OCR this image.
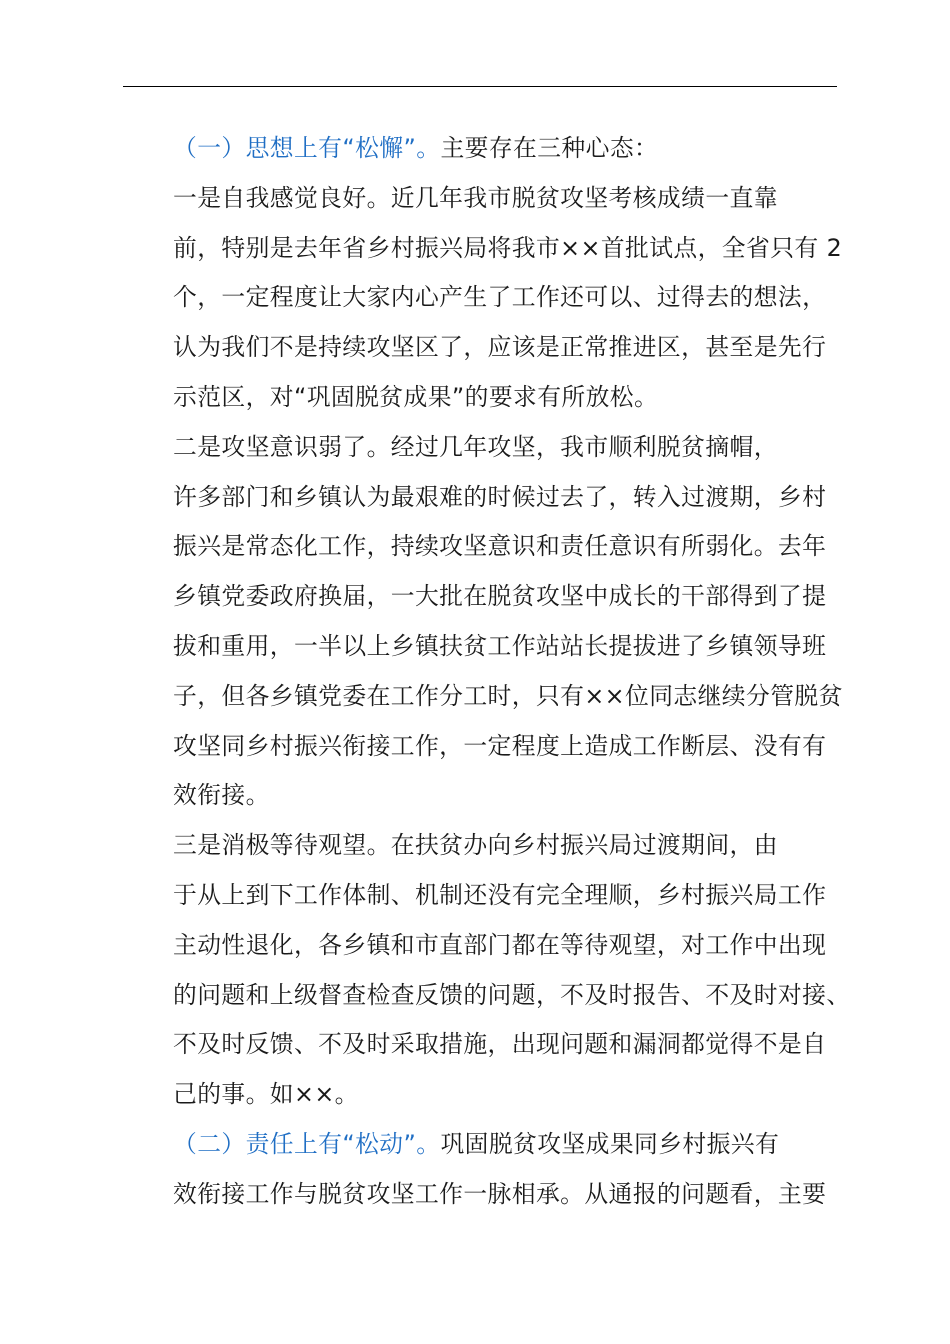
（一）思想上有“松懈”。主要存在三种心态：

一是自我感觉良好。近几年我市脱贫攻坚考核成绩一直靠
前，特别是去年省乡村振兴局将我市××首批试点，全省只有 2
个，一定程度让大家内心产生了工作还可以、过得去的想法，
认为我们不是持续攻坚区了，应该是正常推进区，甚至是先行
示范区，对“巩固脱贫成果”的要求有所放松。

二是攻坚意识弱了。经过几年攻坚，我市顺利脱贫摘帽，
许多部门和乡镇认为最艰难的时候过去了，转入过渡期，乡村
振兴是常态化工作，持续攻坚意识和责任意识有所弱化。去年
乡镇党委政府换届，一大批在脱贫攻坚中成长的干部得到了提
拔和重用，一半以上乡镇扶贫工作站站长提拔进了乡镇领导班
子，但各乡镇党委在工作分工时，只有××位同志继续分管脱贫
攻坚同乡村振兴衔接工作，一定程度上造成工作断层、没有有
效衔接。

三是消极等待观望。在扶贫办向乡村振兴局过渡期间，由
于从上到下工作体制、机制还没有完全理顺，乡村振兴局工作
主动性退化，各乡镇和市直部门都在等待观望，对工作中出现
的问题和上级督查检查反馈的问题，不及时报告、不及时对接、
不及时反馈、不及时采取措施，出现问题和漏洞都觉得不是自
己的事。如××。

（二）责任上有“松动”。巩固脱贫攻坚成果同乡村振兴有
效衔接工作与脱贫攻坚工作一脉相承。从通报的问题看，主要
